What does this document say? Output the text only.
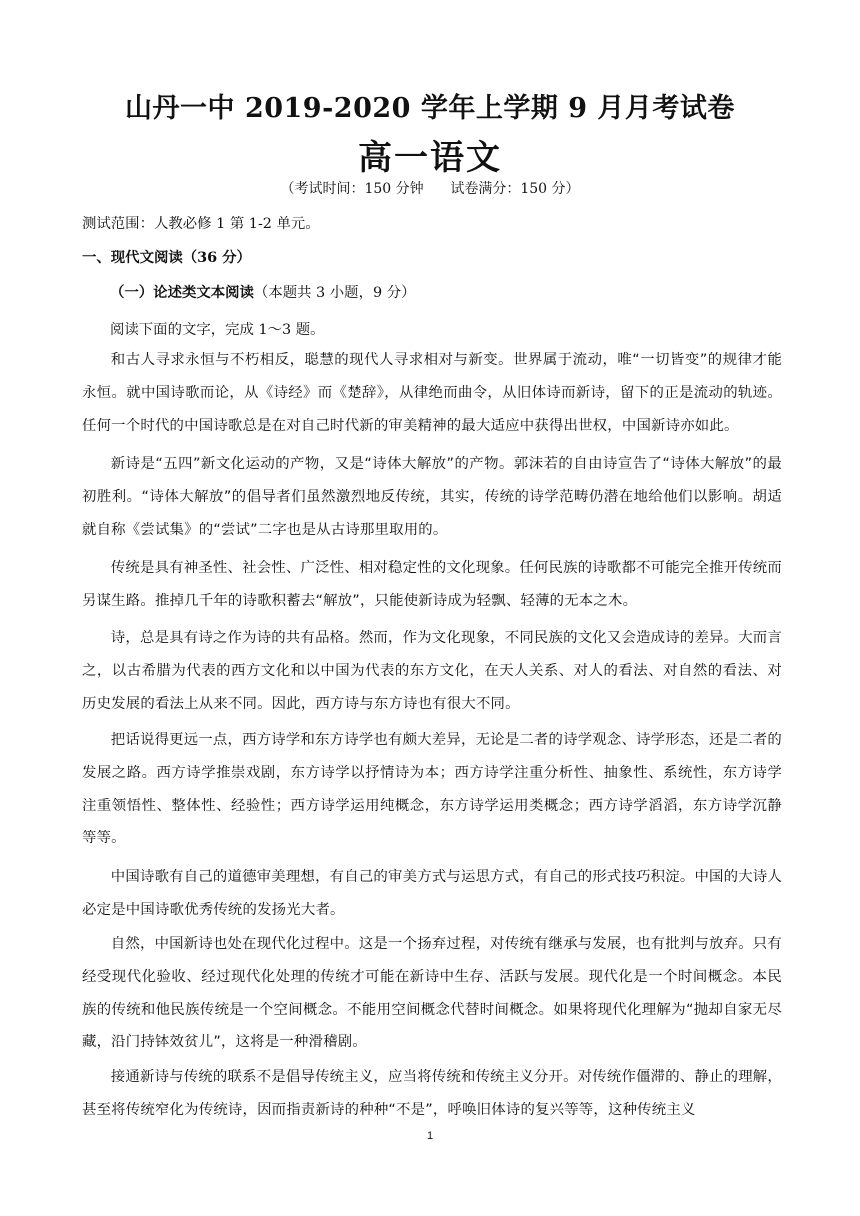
山丹一中 2019-2020 学年上学期 9 月月考试卷
高一语文
（考试时间：150 分钟      试卷满分：150 分）
测试范围：人教必修 1 第 1-2 单元。
一、现代文阅读（36 分）
（一）论述类文本阅读（本题共 3 小题，9 分）
阅读下面的文字，完成 1～3 题。
和古人寻求永恒与不朽相反，聪慧的现代人寻求相对与新变。世界属于流动，唯“一切皆变”的规律才能永恒。就中国诗歌而论，从《诗经》而《楚辞》，从律绝而曲令，从旧体诗而新诗，留下的正是流动的轨迹。任何一个时代的中国诗歌总是在对自己时代新的审美精神的最大适应中获得出世权，中国新诗亦如此。
新诗是“五四”新文化运动的产物，又是“诗体大解放”的产物。郭沫若的自由诗宣告了“诗体大解放”的最初胜利。“诗体大解放”的倡导者们虽然激烈地反传统，其实，传统的诗学范畴仍潜在地给他们以影响。胡适就自称《尝试集》的“尝试”二字也是从古诗那里取用的。
传统是具有神圣性、社会性、广泛性、相对稳定性的文化现象。任何民族的诗歌都不可能完全推开传统而另谋生路。推掉几千年的诗歌积蓄去“解放”，只能使新诗成为轻飘、轻薄的无本之木。
诗，总是具有诗之作为诗的共有品格。然而，作为文化现象，不同民族的文化又会造成诗的差异。大而言之，以古希腊为代表的西方文化和以中国为代表的东方文化，在天人关系、对人的看法、对自然的看法、对历史发展的看法上从来不同。因此，西方诗与东方诗也有很大不同。
把话说得更远一点，西方诗学和东方诗学也有颇大差异，无论是二者的诗学观念、诗学形态，还是二者的发展之路。西方诗学推崇戏剧，东方诗学以抒情诗为本；西方诗学注重分析性、抽象性、系统性，东方诗学注重领悟性、整体性、经验性；西方诗学运用纯概念，东方诗学运用类概念；西方诗学滔滔，东方诗学沉静等等。
中国诗歌有自己的道德审美理想，有自己的审美方式与运思方式，有自己的形式技巧积淀。中国的大诗人必定是中国诗歌优秀传统的发扬光大者。
自然，中国新诗也处在现代化过程中。这是一个扬弃过程，对传统有继承与发展，也有批判与放弃。只有经受现代化验收、经过现代化处理的传统才可能在新诗中生存、活跃与发展。现代化是一个时间概念。本民族的传统和他民族传统是一个空间概念。不能用空间概念代替时间概念。如果将现代化理解为“抛却自家无尽藏，沿门持钵效贫儿”，这将是一种滑稽剧。
接通新诗与传统的联系不是倡导传统主义，应当将传统和传统主义分开。对传统作僵滞的、静止的理解，甚至将传统窄化为传统诗，因而指责新诗的种种“不是”，呼唤旧体诗的复兴等等，这种传统主义
1
